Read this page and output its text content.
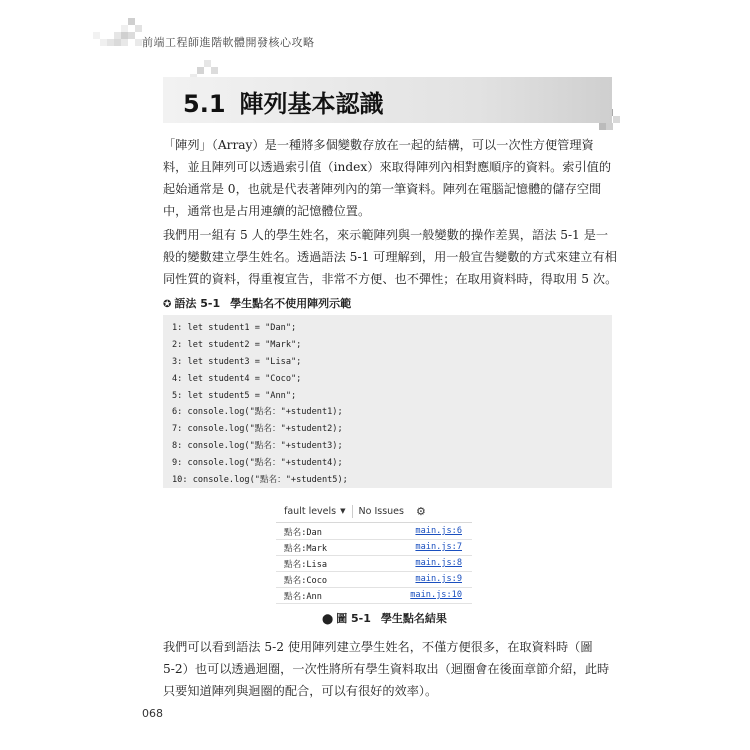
前端工程師進階軟體開發核心攻略
5.1 陣列基本認識

「陣列」（Array）是一種將多個變數存放在一起的結構，可以一次性方便管理資
料，並且陣列可以透過索引值（index）來取得陣列內相對應順序的資料。索引值的
起始通常是 0，也就是代表著陣列內的第一筆資料。陣列在電腦記憶體的儲存空間
中，通常也是占用連續的記憶體位置。

我們用一組有 5 人的學生姓名，來示範陣列與一般變數的操作差異，語法 5-1 是一
般的變數建立學生姓名。透過語法 5-1 可理解到，用一般宣告變數的方式來建立有相
同性質的資料，得重複宣告，非常不方便、也不彈性；在取用資料時，得取用 5 次。

✪ 語法 5-1 學生點名不使用陣列示範
1: let student1 = "Dan";
2: let student2 = "Mark";
3: let student3 = "Lisa";
4: let student4 = "Coco";
5: let student5 = "Ann";
6: console.log("點名："+student1);
7: console.log("點名："+student2);
8: console.log("點名："+student3);
9: console.log("點名："+student4);
10: console.log("點名："+student5);
fault levels ▼ No Issues ⚙
點名:Dan	main.js:6
點名:Mark	main.js:7
點名:Lisa	main.js:8
點名:Coco	main.js:9
點名:Ann	main.js:10
⬤ 圖 5-1 學生點名結果

我們可以看到語法 5-2 使用陣列建立學生姓名，不僅方便很多，在取資料時（圖
5-2）也可以透過迴圈，一次性將所有學生資料取出（迴圈會在後面章節介紹，此時
只要知道陣列與迴圈的配合，可以有很好的效率）。

068
